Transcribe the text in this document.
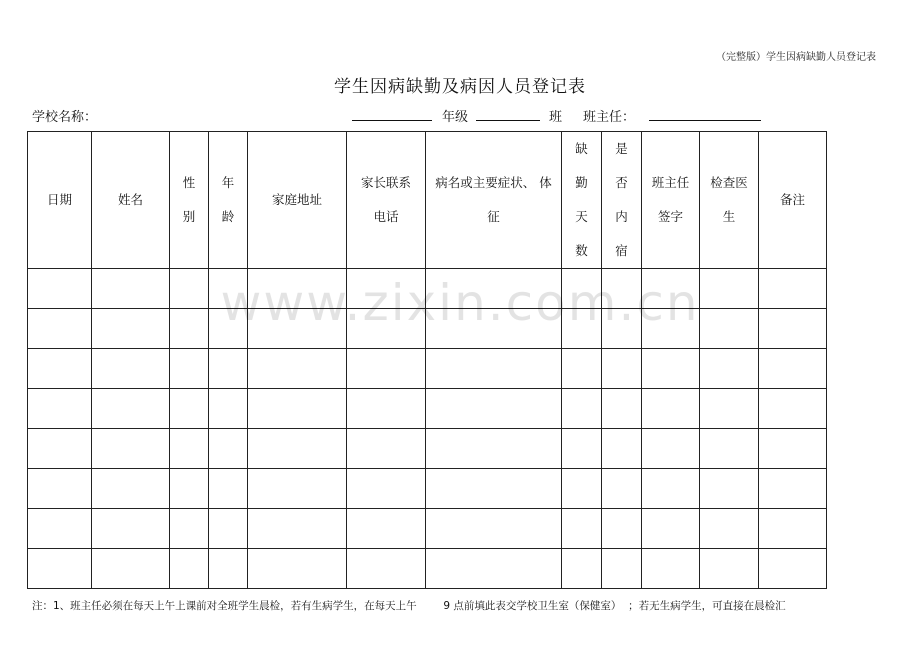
（完整版）学生因病缺勤人员登记表
学生因病缺勤及病因人员登记表
学校名称：	年级	班 班主任：
日期	姓名	性别	年龄	家庭地址	家长联系电话	病名或主要症状、 体征	缺勤天数	是否内宿	班主任签字	检查医生	备注

www.zixin.com.cn
注：1、班主任必须在每天上午上课前对全班学生晨检，若有生病学生，在每天上午        9 点前填此表交学校卫生室（保健室）  ；若无生病学生，可直接在晨检汇
